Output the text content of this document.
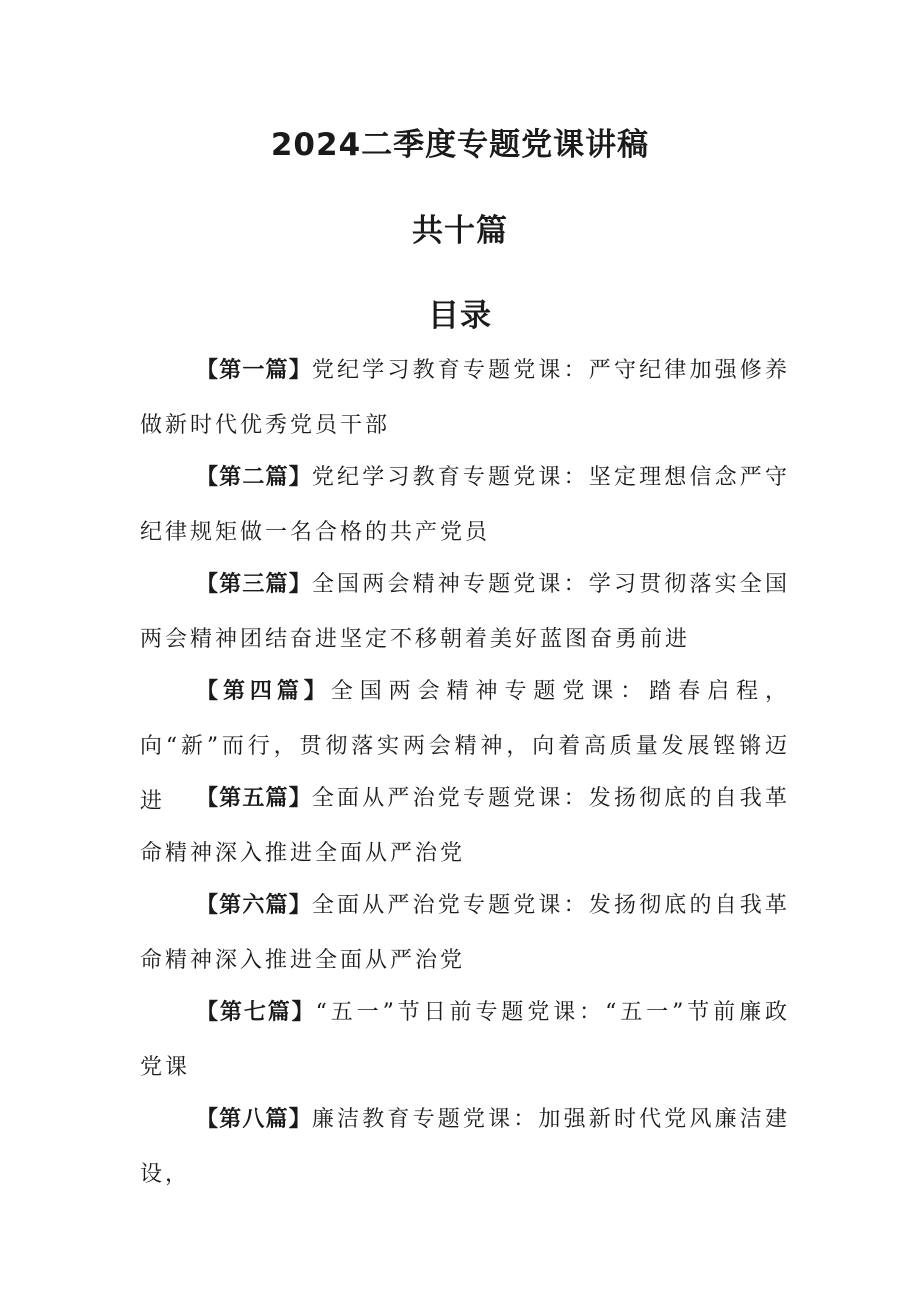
2024二季度专题党课讲稿
共十篇
目录
【第一篇】党纪学习教育专题党课：严守纪律加强修养做新时代优秀党员干部
【第二篇】党纪学习教育专题党课：坚定理想信念严守纪律规矩做一名合格的共产党员
【第三篇】全国两会精神专题党课：学习贯彻落实全国两会精神团结奋进坚定不移朝着美好蓝图奋勇前进
【第四篇】全国两会精神专题党课：踏春启程，向“新”而行，贯彻落实两会精神，向着高质量发展铿锵迈进	【第五篇】全面从严治党专题党课：发扬彻底的自我革命精神深入推进全面从严治党
【第六篇】全面从严治党专题党课：发扬彻底的自我革命精神深入推进全面从严治党
【第七篇】“五一”节日前专题党课：“五一”节前廉政党课
【第八篇】廉洁教育专题党课：加强新时代党风廉洁建设，
